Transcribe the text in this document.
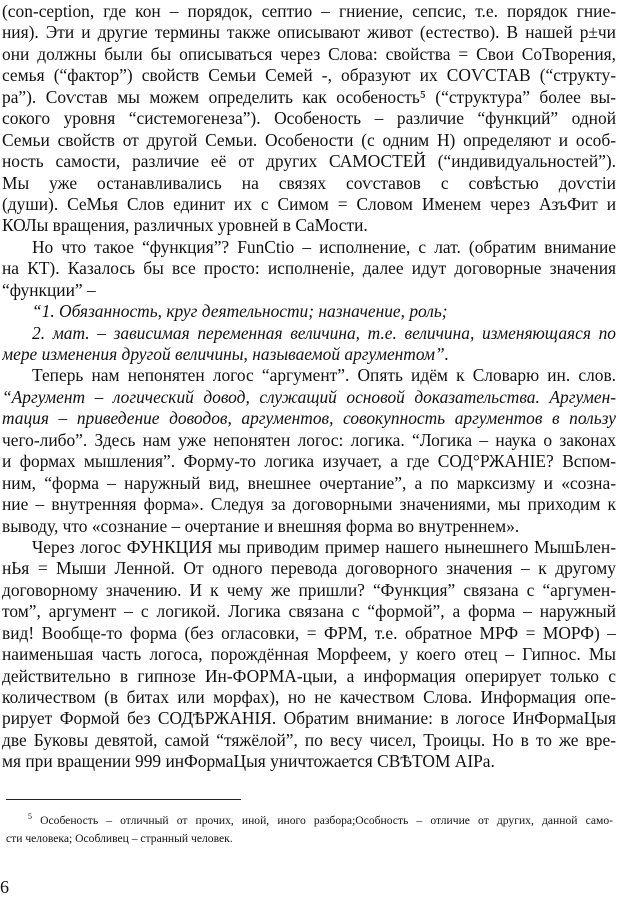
(con-ception, где кон – порядок, септио – гниение, сепсис, т.е. порядок гние-
ния). Эти и другие термины также описывают живот (естество). В нашей р±чи
они должны были бы описываться через Слова: свойства = Свои СоТворения,
семья (“фактор”) свойств Семьи Семей -, образуют их СОѴСТАВ (“структу-
ра”). Соѵстав мы можем определить как особеность⁵ (“структура” более вы-
сокого уровня “системогенеза”). Особеность – различие “функций” одной
Семьи свойств от другой Семьи. Особености (с одним Н) определяют и особ-
ность самости, различие её от других САМОСТЕЙ (“индивидуальностей”).
Мы уже останавливались на связях соѵставов с совѣстью доѵстіи
(души). СеМья Слов единит их с Симом = Словом Именем через АзъФит и
КОЛы вращения, различных уровней в СаМости.
Но что такое “функция”? FunCtio – исполнение, с лат. (обратим внимание
на КТ). Казалось бы все просто: исполненіе, далее идут договорные значения
“функции” –
“1. Обязанность, круг деятельности; назначение, роль;
2. мат. – зависимая переменная величина, т.е. величина, изменяющаяся по
мере изменения другой величины, называемой аргументом”.
Теперь нам непонятен логос “аргумент”. Опять идём к Словарю ин. слов.
“Аргумент – логический довод, служащий основой доказательства. Аргумен-
тация – приведение доводов, аргументов, совокупность аргументов в пользу
чего-либо”. Здесь нам уже непонятен логос: логика. “Логика – наука о законах
и формах мышления”. Форму-то логика изучает, а где СОД°РЖАНІЕ? Вспом-
ним, “форма – наружный вид, внешнее очертание”, а по марксизму и «созна-
ние – внутренняя форма». Следуя за договорными значениями, мы приходим к
выводу, что «сознание – очертание и внешняя форма во внутреннем».
Через логос ФУНКЦИЯ мы приводим пример нашего нынешнего МышЬлен-
нЬя = Мыши Ленной. От одного перевода договорного значения – к другому
договорному значению. И к чему же пришли? “Функция” связана с “аргумен-
том”, аргумент – с логикой. Логика связана с “формой”, а форма – наружный
вид! Вообще-то форма (без огласовки, = ФРМ, т.е. обратное МРФ = МОРФ) –
наименьшая часть логоса, порождённая Морфеем, у коего отец – Гипнос. Мы
действительно в гипнозе Ин-ФОРМА-цыи, а информация оперирует только с
количеством (в битах или морфах), но не качеством Слова. Информация опе-
рирует Формой без СОДѢРЖАНІЯ. Обратим внимание: в логосе ИнФормаЦыя
две Буковы девятой, самой “тяжёлой”, по весу чисел, Троицы. Но в то же вре-
мя при вращении 999 инФормаЦыя уничтожается СВѢТОМ АІРа.
$^5$ Особеность – отличный от прочих, иной, иного разбора;Особность – отличие от других, данной само-
сти человека; Особливец – странный человек.
6
